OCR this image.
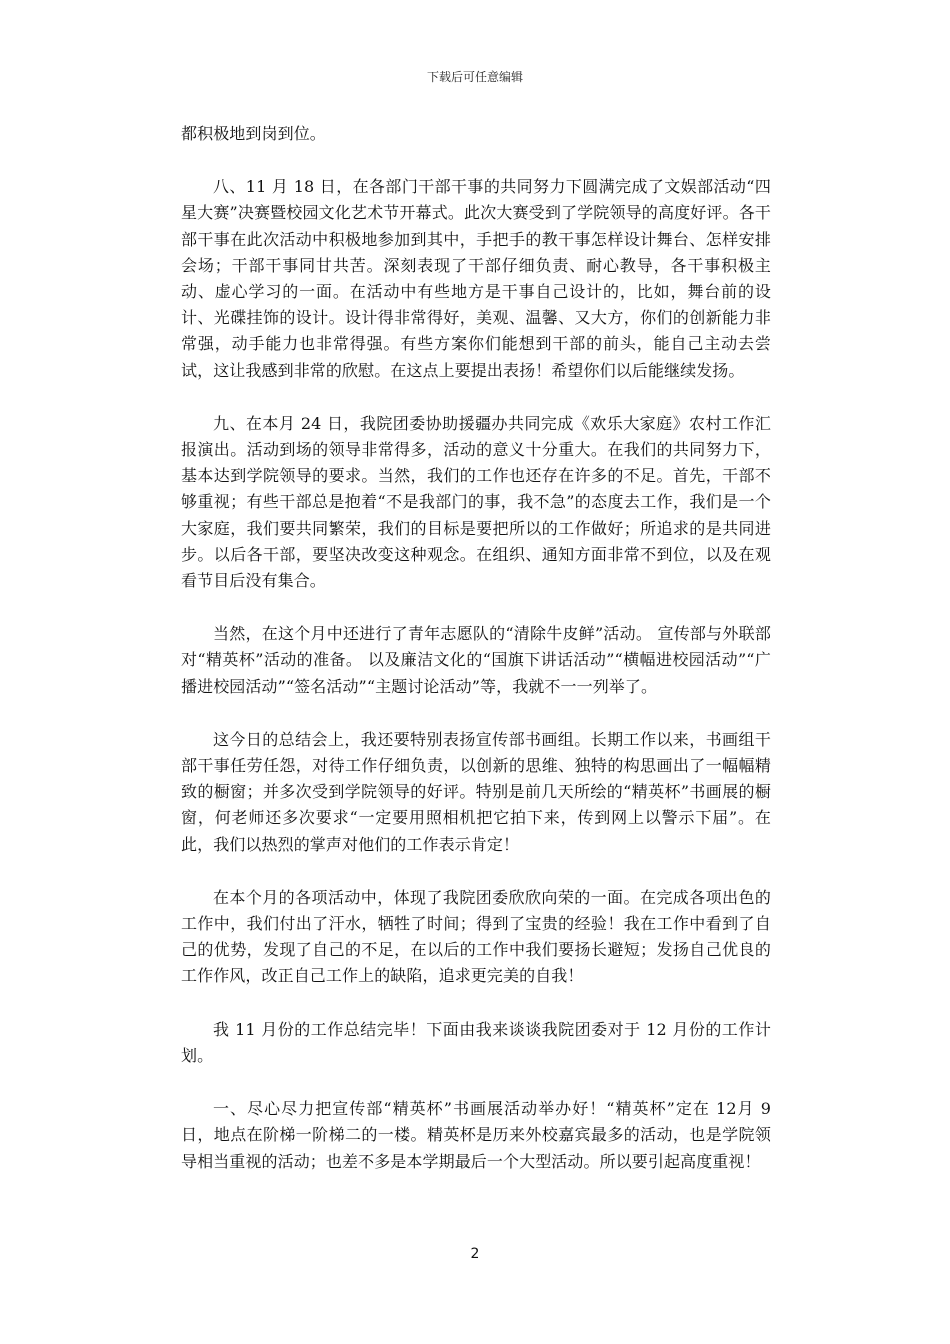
下载后可任意编辑

都积极地到岗到位。

八、11 月 18 日，在各部门干部干事的共同努力下圆满完成了文娱部活动“四星大赛”决赛暨校园文化艺术节开幕式。此次大赛受到了学院领导的高度好评。各干部干事在此次活动中积极地参加到其中，手把手的教干事怎样设计舞台、怎样安排会场；干部干事同甘共苦。深刻表现了干部仔细负责、耐心教导，各干事积极主动、虚心学习的一面。在活动中有些地方是干事自己设计的，比如，舞台前的设计、光碟挂饰的设计。设计得非常得好，美观、温馨、又大方，你们的创新能力非常强，动手能力也非常得强。有些方案你们能想到干部的前头，能自己主动去尝试，这让我感到非常的欣慰。在这点上要提出表扬！希望你们以后能继续发扬。

九、在本月 24 日，我院团委协助援疆办共同完成《欢乐大家庭》农村工作汇报演出。活动到场的领导非常得多，活动的意义十分重大。在我们的共同努力下，基本达到学院领导的要求。当然，我们的工作也还存在许多的不足。首先，干部不够重视；有些干部总是抱着“不是我部门的事，我不急”的态度去工作，我们是一个大家庭，我们要共同繁荣，我们的目标是要把所以的工作做好；所追求的是共同进步。以后各干部，要坚决改变这种观念。在组织、通知方面非常不到位，以及在观看节目后没有集合。

当然，在这个月中还进行了青年志愿队的“清除牛皮鲜”活动。 宣传部与外联部对“精英杯”活动的准备。 以及廉洁文化的“国旗下讲话活动”“横幅进校园活动”“广播进校园活动”“签名活动”“主题讨论活动”等，我就不一一列举了。

这今日的总结会上，我还要特别表扬宣传部书画组。长期工作以来，书画组干部干事任劳任怨，对待工作仔细负责，以创新的思维、独特的构思画出了一幅幅精致的橱窗；并多次受到学院领导的好评。特别是前几天所绘的“精英杯”书画展的橱窗，何老师还多次要求“一定要用照相机把它拍下来，传到网上以警示下届”。在此，我们以热烈的掌声对他们的工作表示肯定！

在本个月的各项活动中，体现了我院团委欣欣向荣的一面。在完成各项出色的工作中，我们付出了汗水，牺牲了时间；得到了宝贵的经验！我在工作中看到了自己的优势，发现了自己的不足，在以后的工作中我们要扬长避短；发扬自己优良的工作作风，改正自己工作上的缺陷，追求更完美的自我！

我 11 月份的工作总结完毕！下面由我来谈谈我院团委对于 12 月份的工作计划。

一、尽心尽力把宣传部“精英杯”书画展活动举办好！“精英杯”定在 12月 9 日，地点在阶梯一阶梯二的一楼。精英杯是历来外校嘉宾最多的活动，也是学院领导相当重视的活动；也差不多是本学期最后一个大型活动。所以要引起高度重视！

2
